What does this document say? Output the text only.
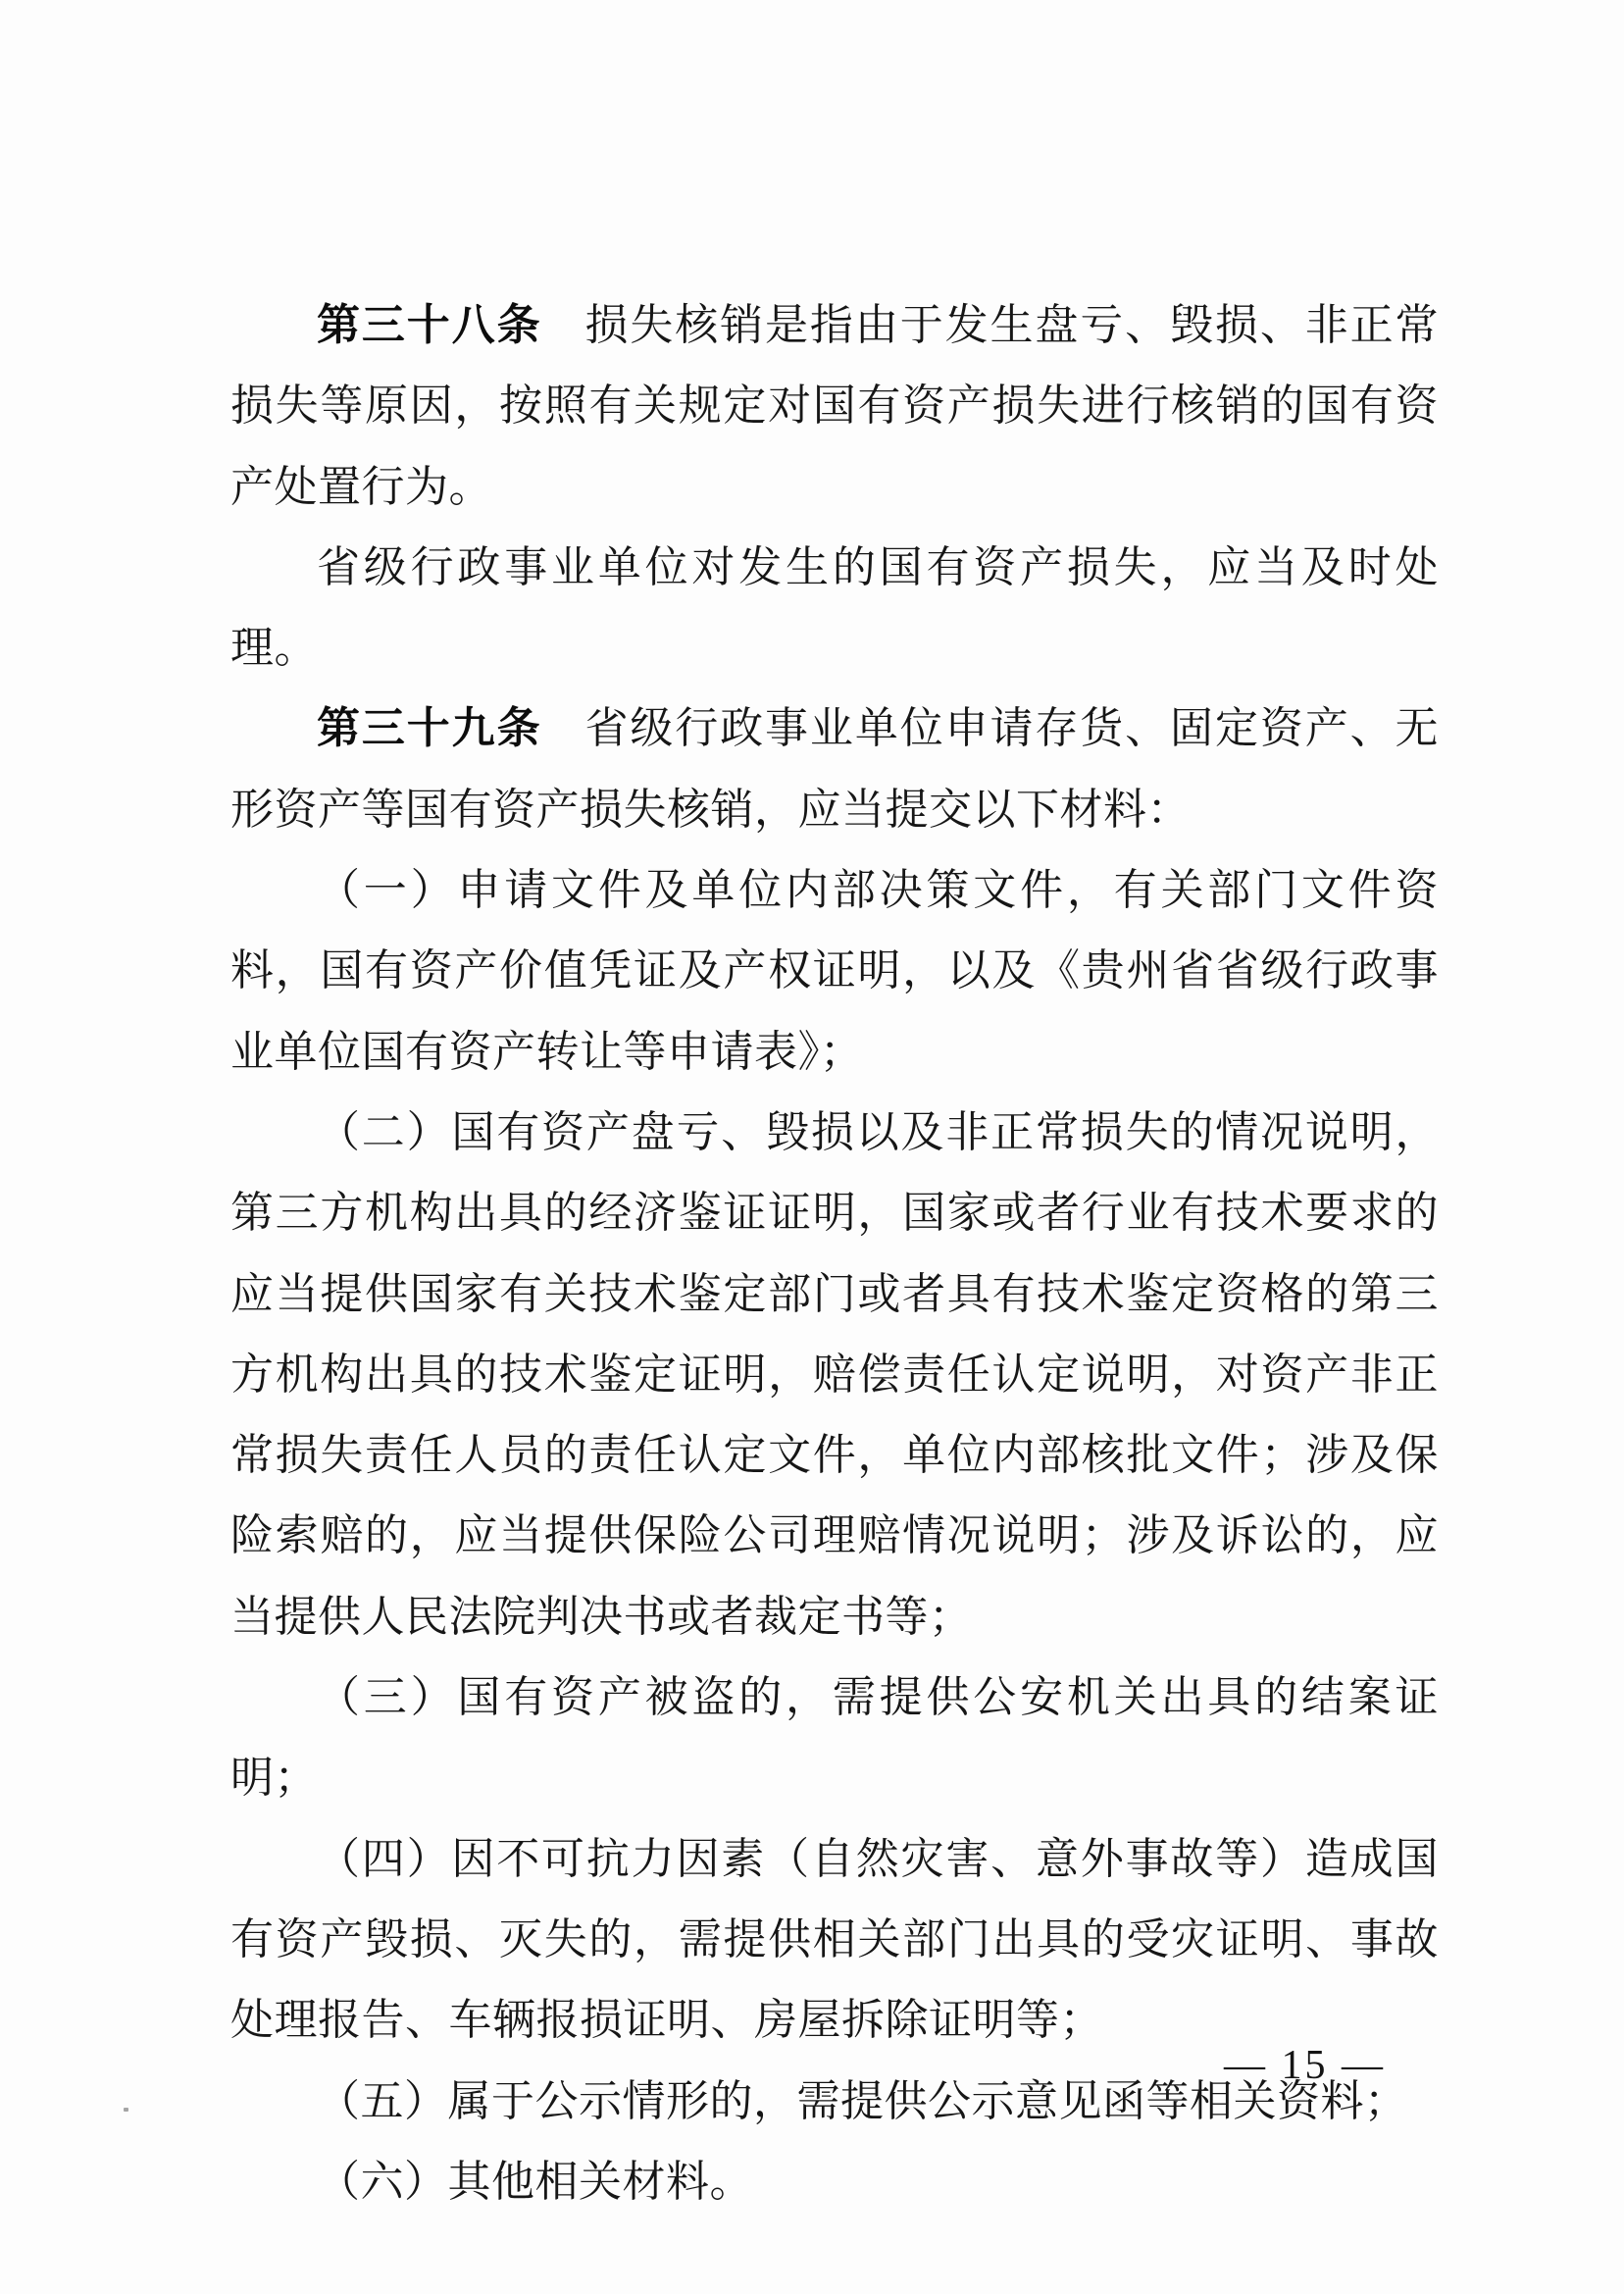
第三十八条 损失核销是指由于发生盘亏、毁损、非正常损失等原因，按照有关规定对国有资产损失进行核销的国有资产处置行为。

省级行政事业单位对发生的国有资产损失，应当及时处理。

第三十九条 省级行政事业单位申请存货、固定资产、无形资产等国有资产损失核销，应当提交以下材料：

（一）申请文件及单位内部决策文件，有关部门文件资料，国有资产价值凭证及产权证明，以及《贵州省省级行政事业单位国有资产转让等申请表》；

（二）国有资产盘亏、毁损以及非正常损失的情况说明，第三方机构出具的经济鉴证证明，国家或者行业有技术要求的应当提供国家有关技术鉴定部门或者具有技术鉴定资格的第三方机构出具的技术鉴定证明，赔偿责任认定说明，对资产非正常损失责任人员的责任认定文件，单位内部核批文件；涉及保险索赔的，应当提供保险公司理赔情况说明；涉及诉讼的，应当提供人民法院判决书或者裁定书等；

（三）国有资产被盗的，需提供公安机关出具的结案证明；

（四）因不可抗力因素（自然灾害、意外事故等）造成国有资产毁损、灭失的，需提供相关部门出具的受灾证明、事故处理报告、车辆报损证明、房屋拆除证明等；

（五）属于公示情形的，需提供公示意见函等相关资料；

（六）其他相关材料。

— 15 —
